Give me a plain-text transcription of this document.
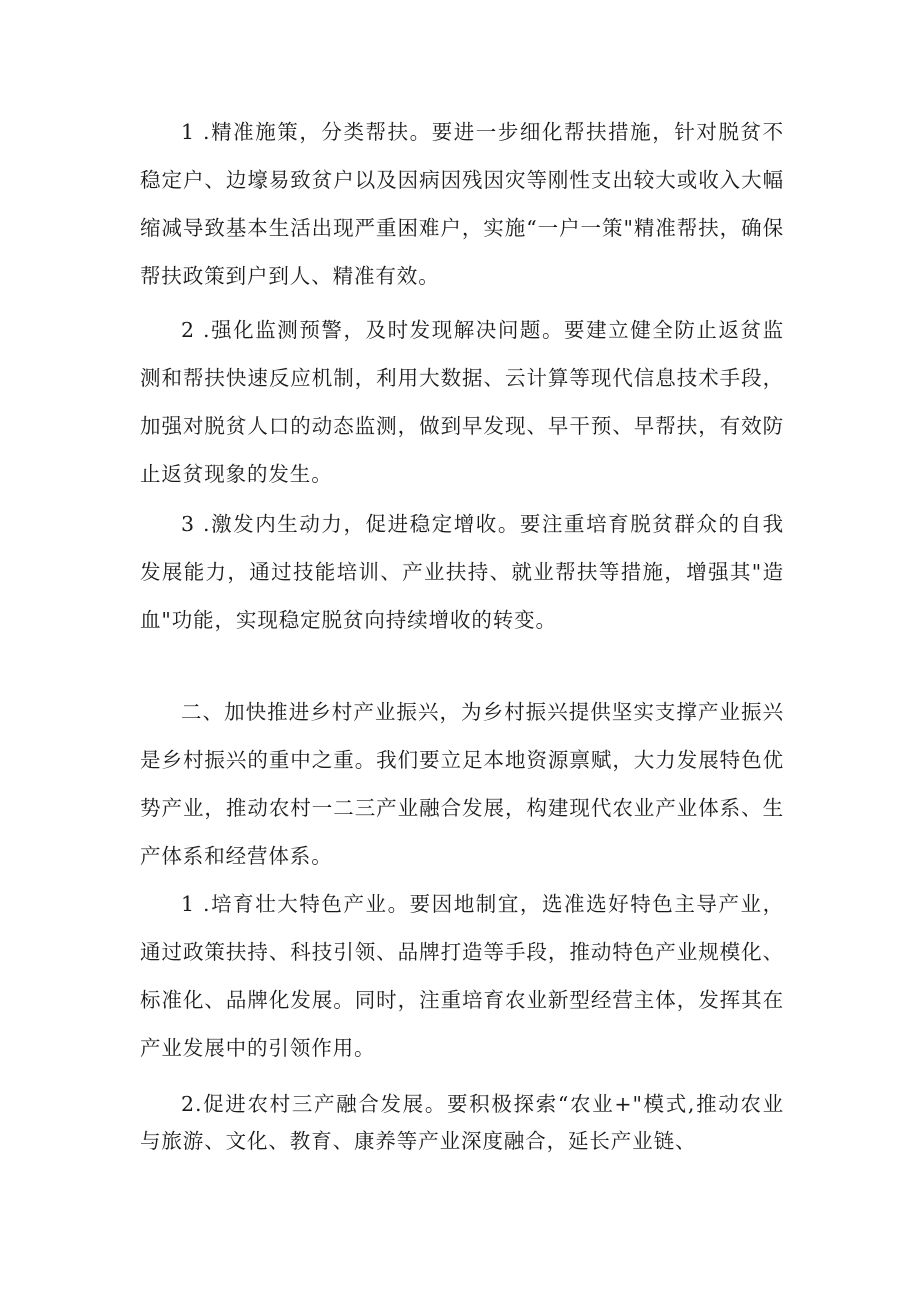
1 .精准施策，分类帮扶。要进一步细化帮扶措施，针对脱贫不稳定户、边壕易致贫户以及因病因残因灾等刚性支出较大或收入大幅缩减导致基本生活出现严重困难户，实施“一户一策"精准帮扶，确保帮扶政策到户到人、精准有效。

2 .强化监测预警，及时发现解决问题。要建立健全防止返贫监测和帮扶快速反应机制，利用大数据、云计算等现代信息技术手段，加强对脱贫人口的动态监测，做到早发现、早干预、早帮扶，有效防止返贫现象的发生。

3 .激发内生动力，促进稳定增收。要注重培育脱贫群众的自我发展能力，通过技能培训、产业扶持、就业帮扶等措施，增强其"造血"功能，实现稳定脱贫向持续增收的转变。

二、加快推进乡村产业振兴，为乡村振兴提供坚实支撑产业振兴是乡村振兴的重中之重。我们要立足本地资源禀赋，大力发展特色优势产业，推动农村一二三产业融合发展，构建现代农业产业体系、生产体系和经营体系。

1 .培育壮大特色产业。要因地制宜，选准选好特色主导产业，通过政策扶持、科技引领、品牌打造等手段，推动特色产业规模化、标准化、品牌化发展。同时，注重培育农业新型经营主体，发挥其在产业发展中的引领作用。

2.促进农村三产融合发展。要积极探索“农业+"模式,推动农业与旅游、文化、教育、康养等产业深度融合，延长产业链、
